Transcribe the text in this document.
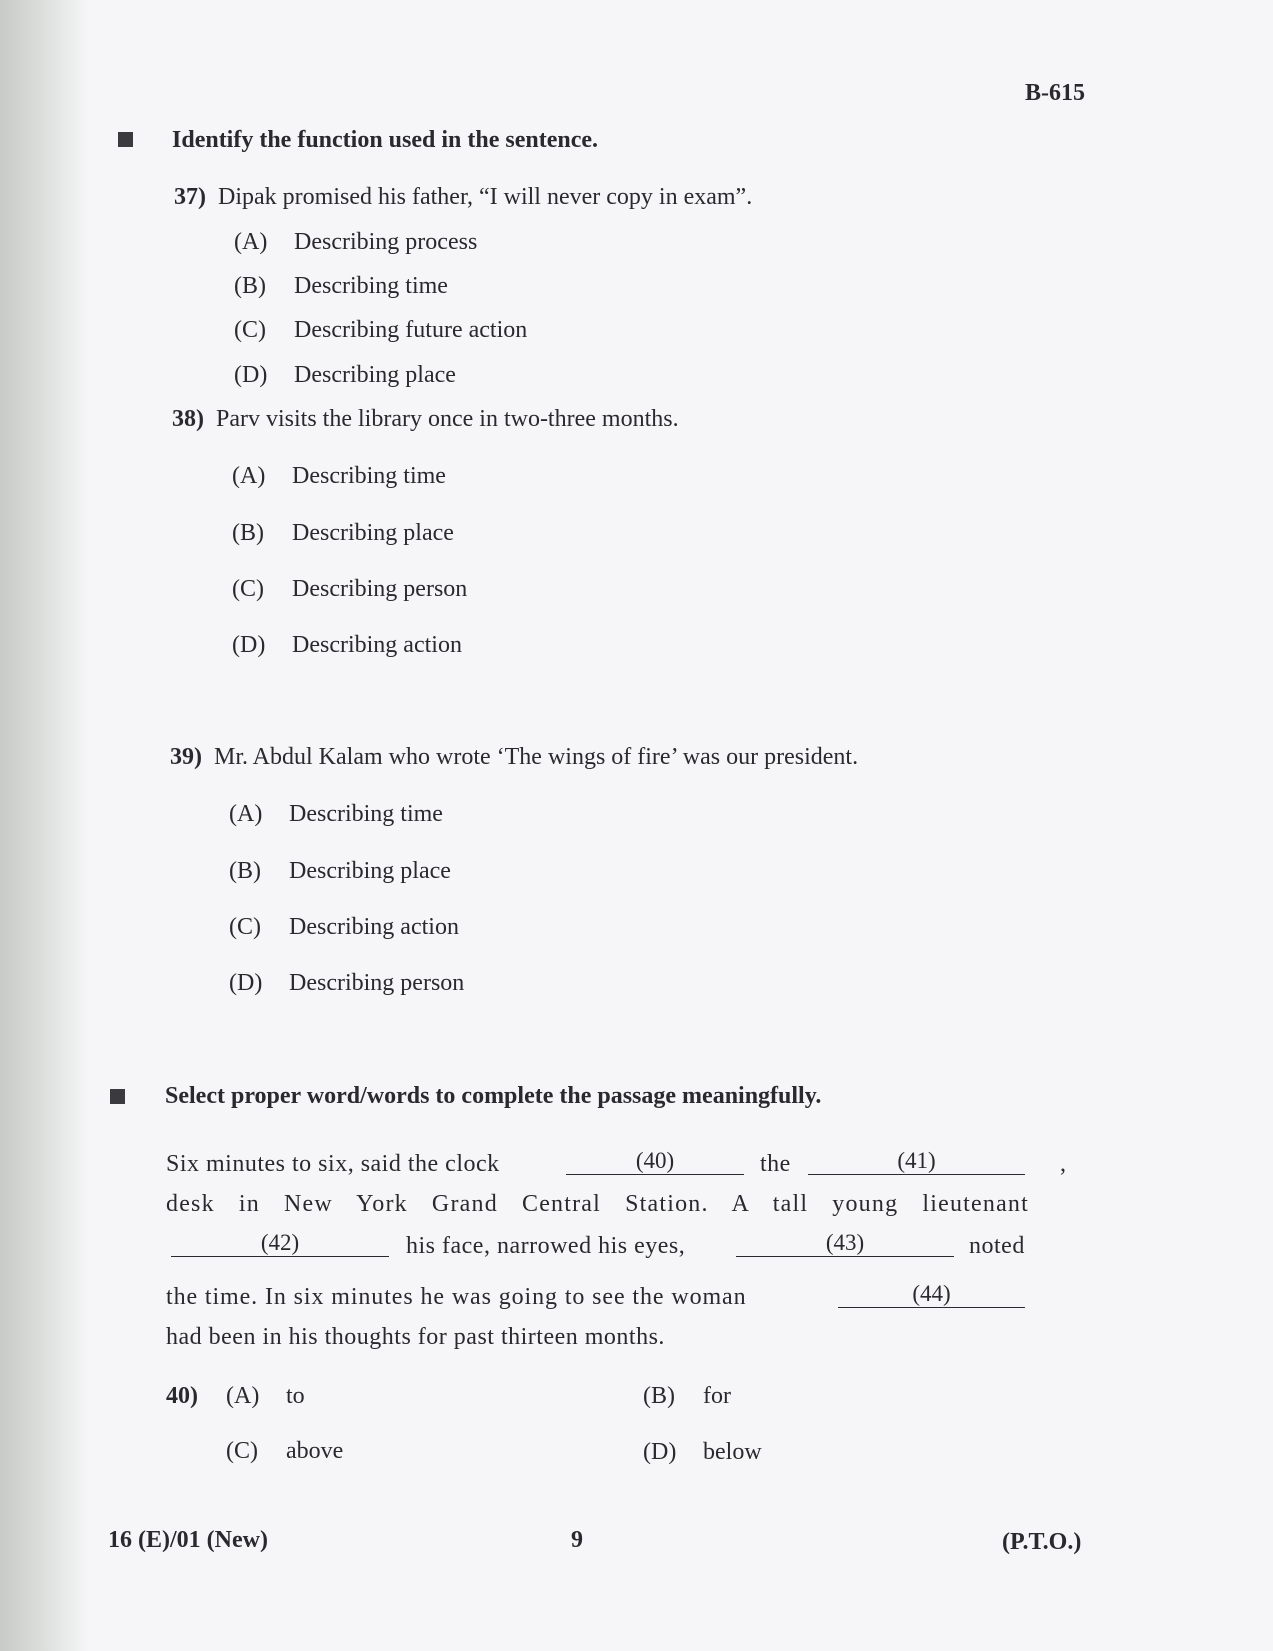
B-615
Identify the function used in the sentence.
37) Dipak promised his father, “I will never copy in exam”.
(A) Describing process
(B) Describing time
(C) Describing future action
(D) Describing place
38) Parv visits the library once in two-three months.
(A) Describing time
(B) Describing place
(C) Describing person
(D) Describing action
39) Mr. Abdul Kalam who wrote ‘The wings of fire’ was our president.
(A) Describing time
(B) Describing place
(C) Describing action
(D) Describing person
Select proper word/words to complete the passage meaningfully.
Six minutes to six, said the clock	(40)	the	(41)	,
desk in New York Grand Central Station. A tall young lieutenant
(42)	his face, narrowed his eyes,	(43)	noted
the time. In six minutes he was going to see the woman	(44)
had been in his thoughts for past thirteen months.
40) (A) to	(B) for
(C) above	(D) below
16 (E)/01 (New)	9	(P.T.O.)
